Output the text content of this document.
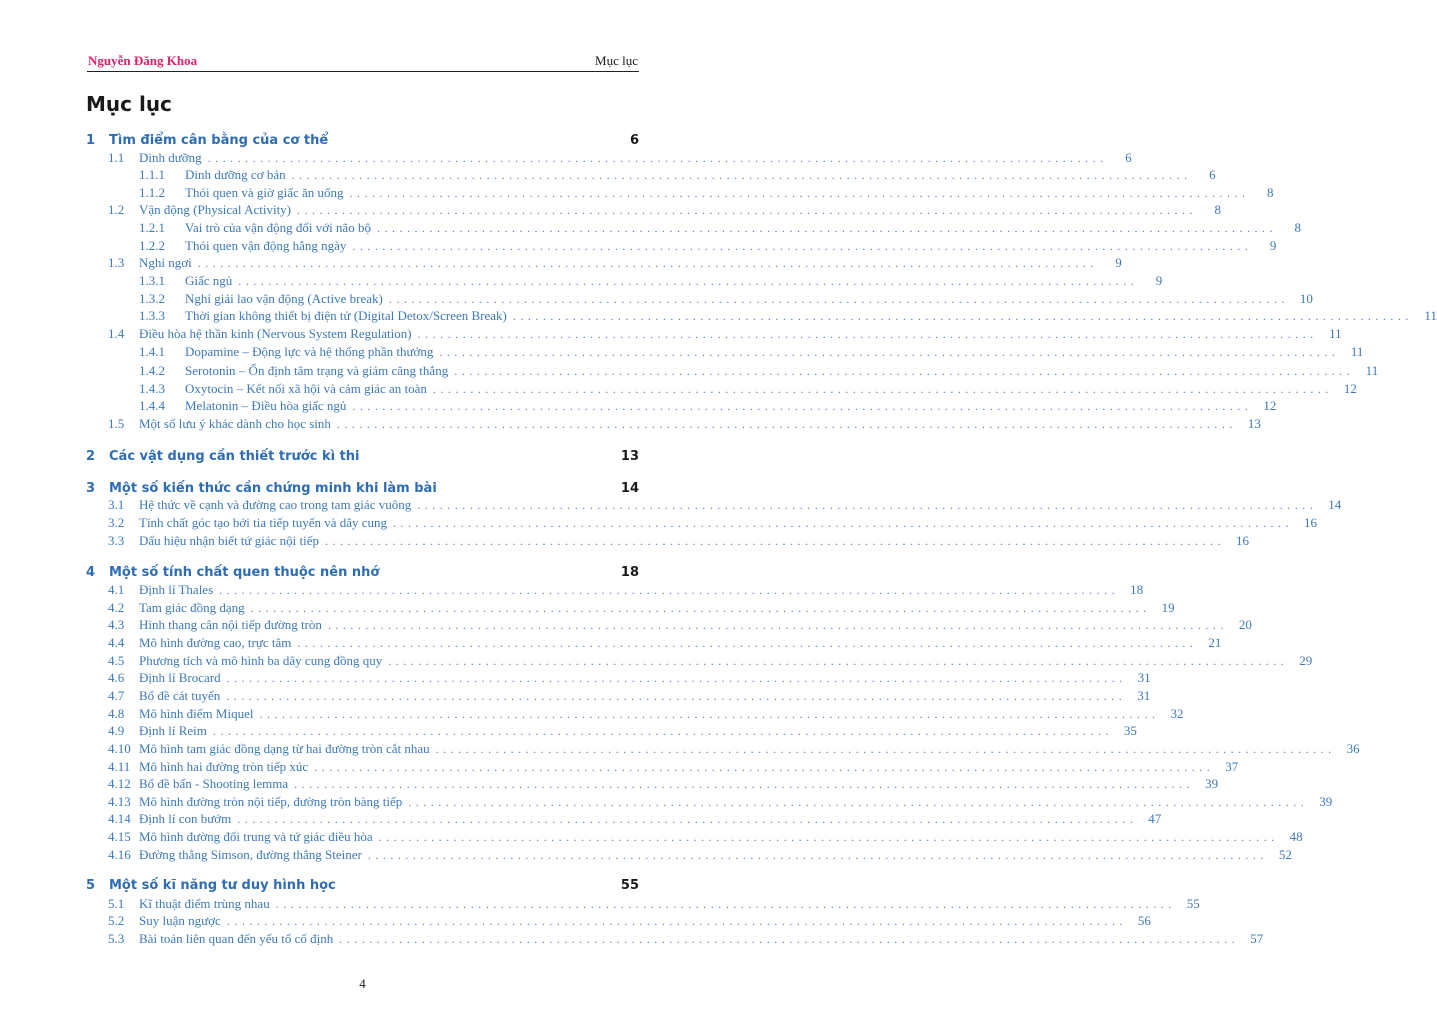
Nguyễn Đăng Khoa	Mục lục
Mục lục
1	Tìm điểm cân bằng của cơ thể	6
1.1	Dinh dưỡng ........................................................................................................................	6
1.1.1	Dinh dưỡng cơ bản ........................................................................................................................	6
1.1.2	Thói quen và giờ giấc ăn uống ........................................................................................................................	8
1.2	Vận động (Physical Activity) ........................................................................................................................	8
1.2.1	Vai trò của vận động đối với não bộ ........................................................................................................................	8
1.2.2	Thói quen vận động hằng ngày ........................................................................................................................	9
1.3	Nghỉ ngơi ........................................................................................................................	9
1.3.1	Giấc ngủ ........................................................................................................................	9
1.3.2	Nghỉ giải lao vận động (Active break) ........................................................................................................................ 10
1.3.3	Thời gian không thiết bị điện tử (Digital Detox/Screen Break) ........................................................................................................................ 11
1.4	Điều hòa hệ thần kinh (Nervous System Regulation) ........................................................................................................................ 11
1.4.1	Dopamine – Động lực và hệ thống phần thưởng ........................................................................................................................ 11
1.4.2	Serotonin – Ổn định tâm trạng và giảm căng thẳng ........................................................................................................................ 11
1.4.3	Oxytocin – Kết nối xã hội và cảm giác an toàn ........................................................................................................................ 12
1.4.4	Melatonin – Điều hòa giấc ngủ ........................................................................................................................ 12
1.5	Một số lưu ý khác dành cho học sinh ........................................................................................................................ 13
2	Các vật dụng cần thiết trước kì thi	13
3	Một số kiến thức cần chứng minh khi làm bài	14
3.1	Hệ thức về cạnh và đường cao trong tam giác vuông ........................................................................................................................ 14
3.2	Tính chất góc tạo bởi tia tiếp tuyến và dây cung ........................................................................................................................ 16
3.3	Dấu hiệu nhận biết tứ giác nội tiếp ........................................................................................................................ 16
4	Một số tính chất quen thuộc nên nhớ	18
4.1	Định lí Thales ........................................................................................................................ 18
4.2	Tam giác đồng dạng ........................................................................................................................ 19
4.3	Hình thang cân nội tiếp đường tròn ........................................................................................................................ 20
4.4	Mô hình đường cao, trực tâm ........................................................................................................................ 21
4.5	Phương tích và mô hình ba dây cung đồng quy ........................................................................................................................ 29
4.6	Định lí Brocard ........................................................................................................................ 31
4.7	Bổ đề cát tuyến ........................................................................................................................ 31
4.8	Mô hình điểm Miquel ........................................................................................................................ 32
4.9	Định lí Reim ........................................................................................................................ 35
4.10 Mô hình tam giác đồng dạng từ hai đường tròn cắt nhau ........................................................................................................................ 36
4.11 Mô hình hai đường tròn tiếp xúc ........................................................................................................................ 37
4.12 Bổ đề bấn - Shooting lemma ........................................................................................................................ 39
4.13 Mô hình đường tròn nội tiếp, đường tròn bàng tiếp ........................................................................................................................ 39
4.14 Định lí con bướm ........................................................................................................................ 47
4.15 Mô hình đường đối trung và tứ giác điều hòa ........................................................................................................................ 48
4.16 Đường thẳng Simson, đường thẳng Steiner ........................................................................................................................ 52
5	Một số kĩ năng tư duy hình học	55
5.1	Kĩ thuật điểm trùng nhau ........................................................................................................................ 55
5.2	Suy luận ngược ........................................................................................................................ 56
5.3	Bài toán liên quan đến yếu tố cố định ........................................................................................................................ 57
4
